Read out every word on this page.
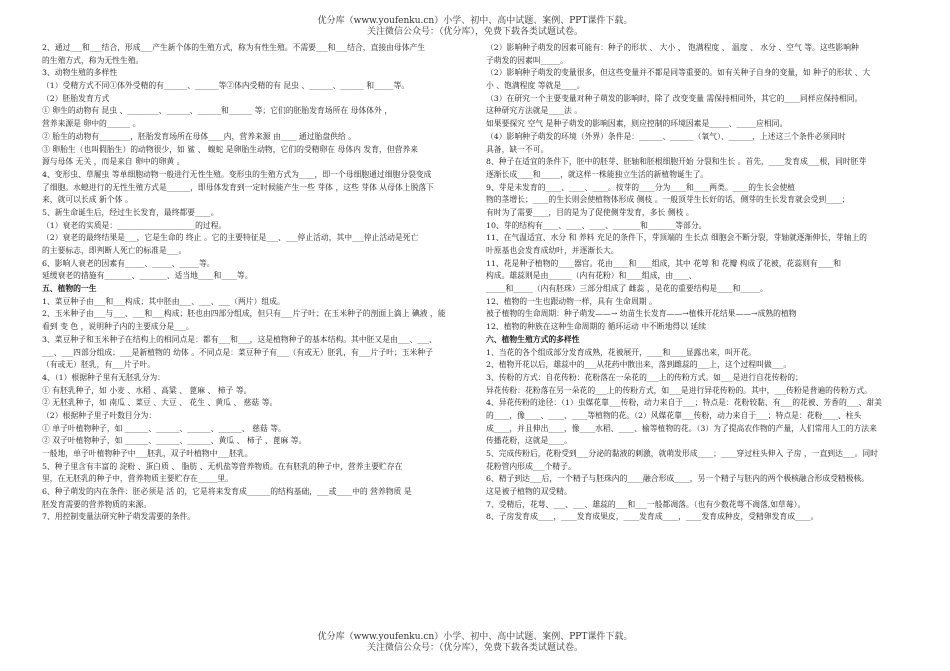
优分库（www.youfenku.cn）小学、初中、高中试题、案例、PPT课件下载。
关注微信公众号：（优分库），免费下载各类试题试卷。
2、通过___和___结合，形成___产生新个体的生殖方式，称为有性生殖。不需要___和___结合，直接由母体产生
的生殖方式，称为无性生殖。
3、动物生殖的多样性
（1）受精方式不同①体外受精的有______、______等②体内受精的有 昆虫 、______、______ 和_____等。
（2）胚胎发育方式
① 卵生的动物有 昆虫 、________、______、______和______ 等；它们的胚胎发育场所在 母体体外 ，
营养来源是 卵中的______ 。
② 胎生的动物有________，胚胎发育场所在母体____内，营养来源 由____ 通过胎盘供给 。
③ 卵胎生（也叫假胎生）的动物很少，如 鲨 、 蝮蛇 是卵胎生动物，它们的受精卵在 母体内 发育，但营养来
源与母体 无关 ，而是来自 卵中的卵黄 。
4、变形虫、草履虫 等单细胞动物一般进行无性生殖。变形虫的生殖方式为____，即一个母细胞通过细胞分裂变成
了细胞。水螅进行的无性生殖方式是______，即母体发育到一定时候能产生一些 芽体 ，这些 芽体 从母体上脱落下
来，就可以长成 新个体 。
5、新生命诞生后，经过生长发育，最终都要____。
（1）衰老的实质是：____________________的过程。
（2）衰老的最终结果是___，它是生命的 终止 。它的主要特征是___、___停止活动，其中___停止活动是死亡
的主要标志，即判断人死亡的标准是___。
6、影响人衰老的因素有_____、_____、_____等。
延缓衰老的措施有_______、_______、适当地____和____等。
五、植物的一生
1、菜豆种子由___和___构成；其中胚由___、___、___（两片）组成。
2、玉米种子由___与___、___和___构成；胚也由四部分组成，但只有___片子叶；在玉米种子的剖面上滴上 碘液 ，能
看到 变 色 ，说明种子内的主要成分是___。
3、菜豆种子和玉米种子在结构上的相同点是：都有___和___，这是植物种子的基本结构。其中胚又是由___、___、
___、___四部分组成；___是新植物的 幼体 。不同点是：菜豆种子有___（有或无）胚乳，有___片子叶；玉米种子
（有或无）胚乳，有___片子叶。
4、（1）根据种子里有无胚乳分为：
① 有胚乳种子，如 小麦 、水稻 、高粱 、 蓖麻 、 柿子 等。
② 无胚乳种子，如 南瓜 、菜豆 、大豆 、 花生 、黄瓜 、 慈菇 等。
（2）根据种子里子叶数目分为：
① 单子叶植物种子，如 ______、______、______、______、 慈菇 等。
② 双子叶植物种子，如 ______、______、______、黄瓜 、 柿子 、蓖麻 等。
一般地，单子叶植物种子中___胚乳，双子叶植物中___胚乳。
5、种子里含有丰富的 淀粉 、蛋白质 、 脂肪 、无机盐等营养物质。在有胚乳的种子中，营养主要贮存在
里，在无胚乳的种子中，营养物质主要贮存在_____里。
6、种子萌发的内在条件：胚必须是 活 的，它是将来发育成______的结构基础，___或____中的 营养物质 是
胚发育需要的营养物质的来源。
7、用控制变量法研究种子萌发需要的条件。
（2）影响种子萌发的因素可能有：种子的形状 、 大小 、 饱满程度 、 温度 、 水分 、空气 等。这些影响种
子萌发的因素叫_____。
（2）影响种子萌发的变量很多，但这些变量并不都是同等重要的。如有关种子自身的变量，如 种子的形状 、大
小 、饱满程度 等就是____。
（3）在研究一个主要变量对种子萌发的影响时，除了 改变变量 需保持相同外，其它的____同样应保持相同。
这种研究方法就是____法 。
如果要探究 空气 是种子萌发的影响因素，则应控制的环境因素是_____、_____应相同。
（4）影响种子萌发的环境（外界）条件是：______、______（氧气）、______，上述这三个条件必须同时
具备，缺一不可。
8、种子在适宜的条件下，胚中的胚芽、胚轴和胚根细胞开始 分裂和生长 。首先，____发育成___根，同时胚芽
逐渐长成____和_____，就这样一株能独立生活的新植物诞生了。
9、芽是未发育的____、____、____。按芽的____分为____和____两类。____的生长会使植
物的茎增长；____的生长则会使植物体形成 侧枝 。一般顶芽生长好的话，侧芽的生长发育就会受到____；
有时为了需要____，目的是为了促使侧芽发育，多长 侧枝 。
10、芽的结构有____、____、____、_______和_______等部分。
11、在气温适宜、水分 和 养料 充足的条件下，芽顶端的 生长点 细胞会不断分裂，芽轴就逐渐伸长，芽轴上的
叶原基也会发育成幼叶，并逐渐长大。
11、花是种子植物的____器官。花由____和____组成，其中 花萼 和 花瓣 构成了花被，花蕊则有____和
构成。雄蕊则是由______（内有花粉）和____组成，由____、
_____和_____（内有胚珠）三部分组成了 雌蕊 ，是花的重要结构是____和_____。
12、植物的一生也跟动物一样，具有 生命周期 。
被子植物的生命周期：种子萌发——→ 幼苗生长发育——→植株开花结果——→成熟的植物
12、植物的种族在这种生命周期的 循环运动 中不断地得以 延续
六、植物生殖方式的多样性
1、当花的各个组成部分发育成熟，花被展开，____和____显露出来，叫开花。
2、植物开花以后，雄蕊中的___从花药中散出来，落到雌蕊的___上，这个过程叫做___。
3、传粉的方式：自花传粉：花粉落在一朵花的___上的传粉方式。如___是进行自花传粉的；
异花传粉：花粉落在另一朵花的___上的传粉方式，如___是进行异花传粉的。其中，___传粉是普遍的传粉方式。
4、异花传粉的途径：（1）虫媒花靠___传粉，动力来自于___；特点是：花粉较黏、有___的花被、芳香的___、甜美
的____，像____、____、____等植物的花。（2）风媒花靠___传粉，动力来自于___；特点是：花粉____、柱头
成____，并且伸出____，像____水稻、____、榆等植物的花。（3）为了提高农作物的产量，人们常用人工的方法来
传播花粉，这就是____。
5、完成传粉后，花粉受到___分泌的黏液的刺激，就萌发形成____；____穿过柱头伸入 子房 ，一直到达___。同时
花粉管内形成___个精子。
6、精子到达___后，一个精子与胚珠内的____融合形成____，另一个精子与胚内的两个极核融合形成受精极核。
这是被子植物的双受精。
7、受精后，花萼、___、___、雄蕊的___和___一般都凋落。（也有少数花萼不凋落,如草莓）。
8、子房发育成____，____发育成果皮，____发育成____，____发育成种皮，受精卵发育成____。
优分库（www.youfenku.cn）小学、初中、高中试题、案例、PPT课件下载。
关注微信公众号：（优分库），免费下载各类试题试卷。
